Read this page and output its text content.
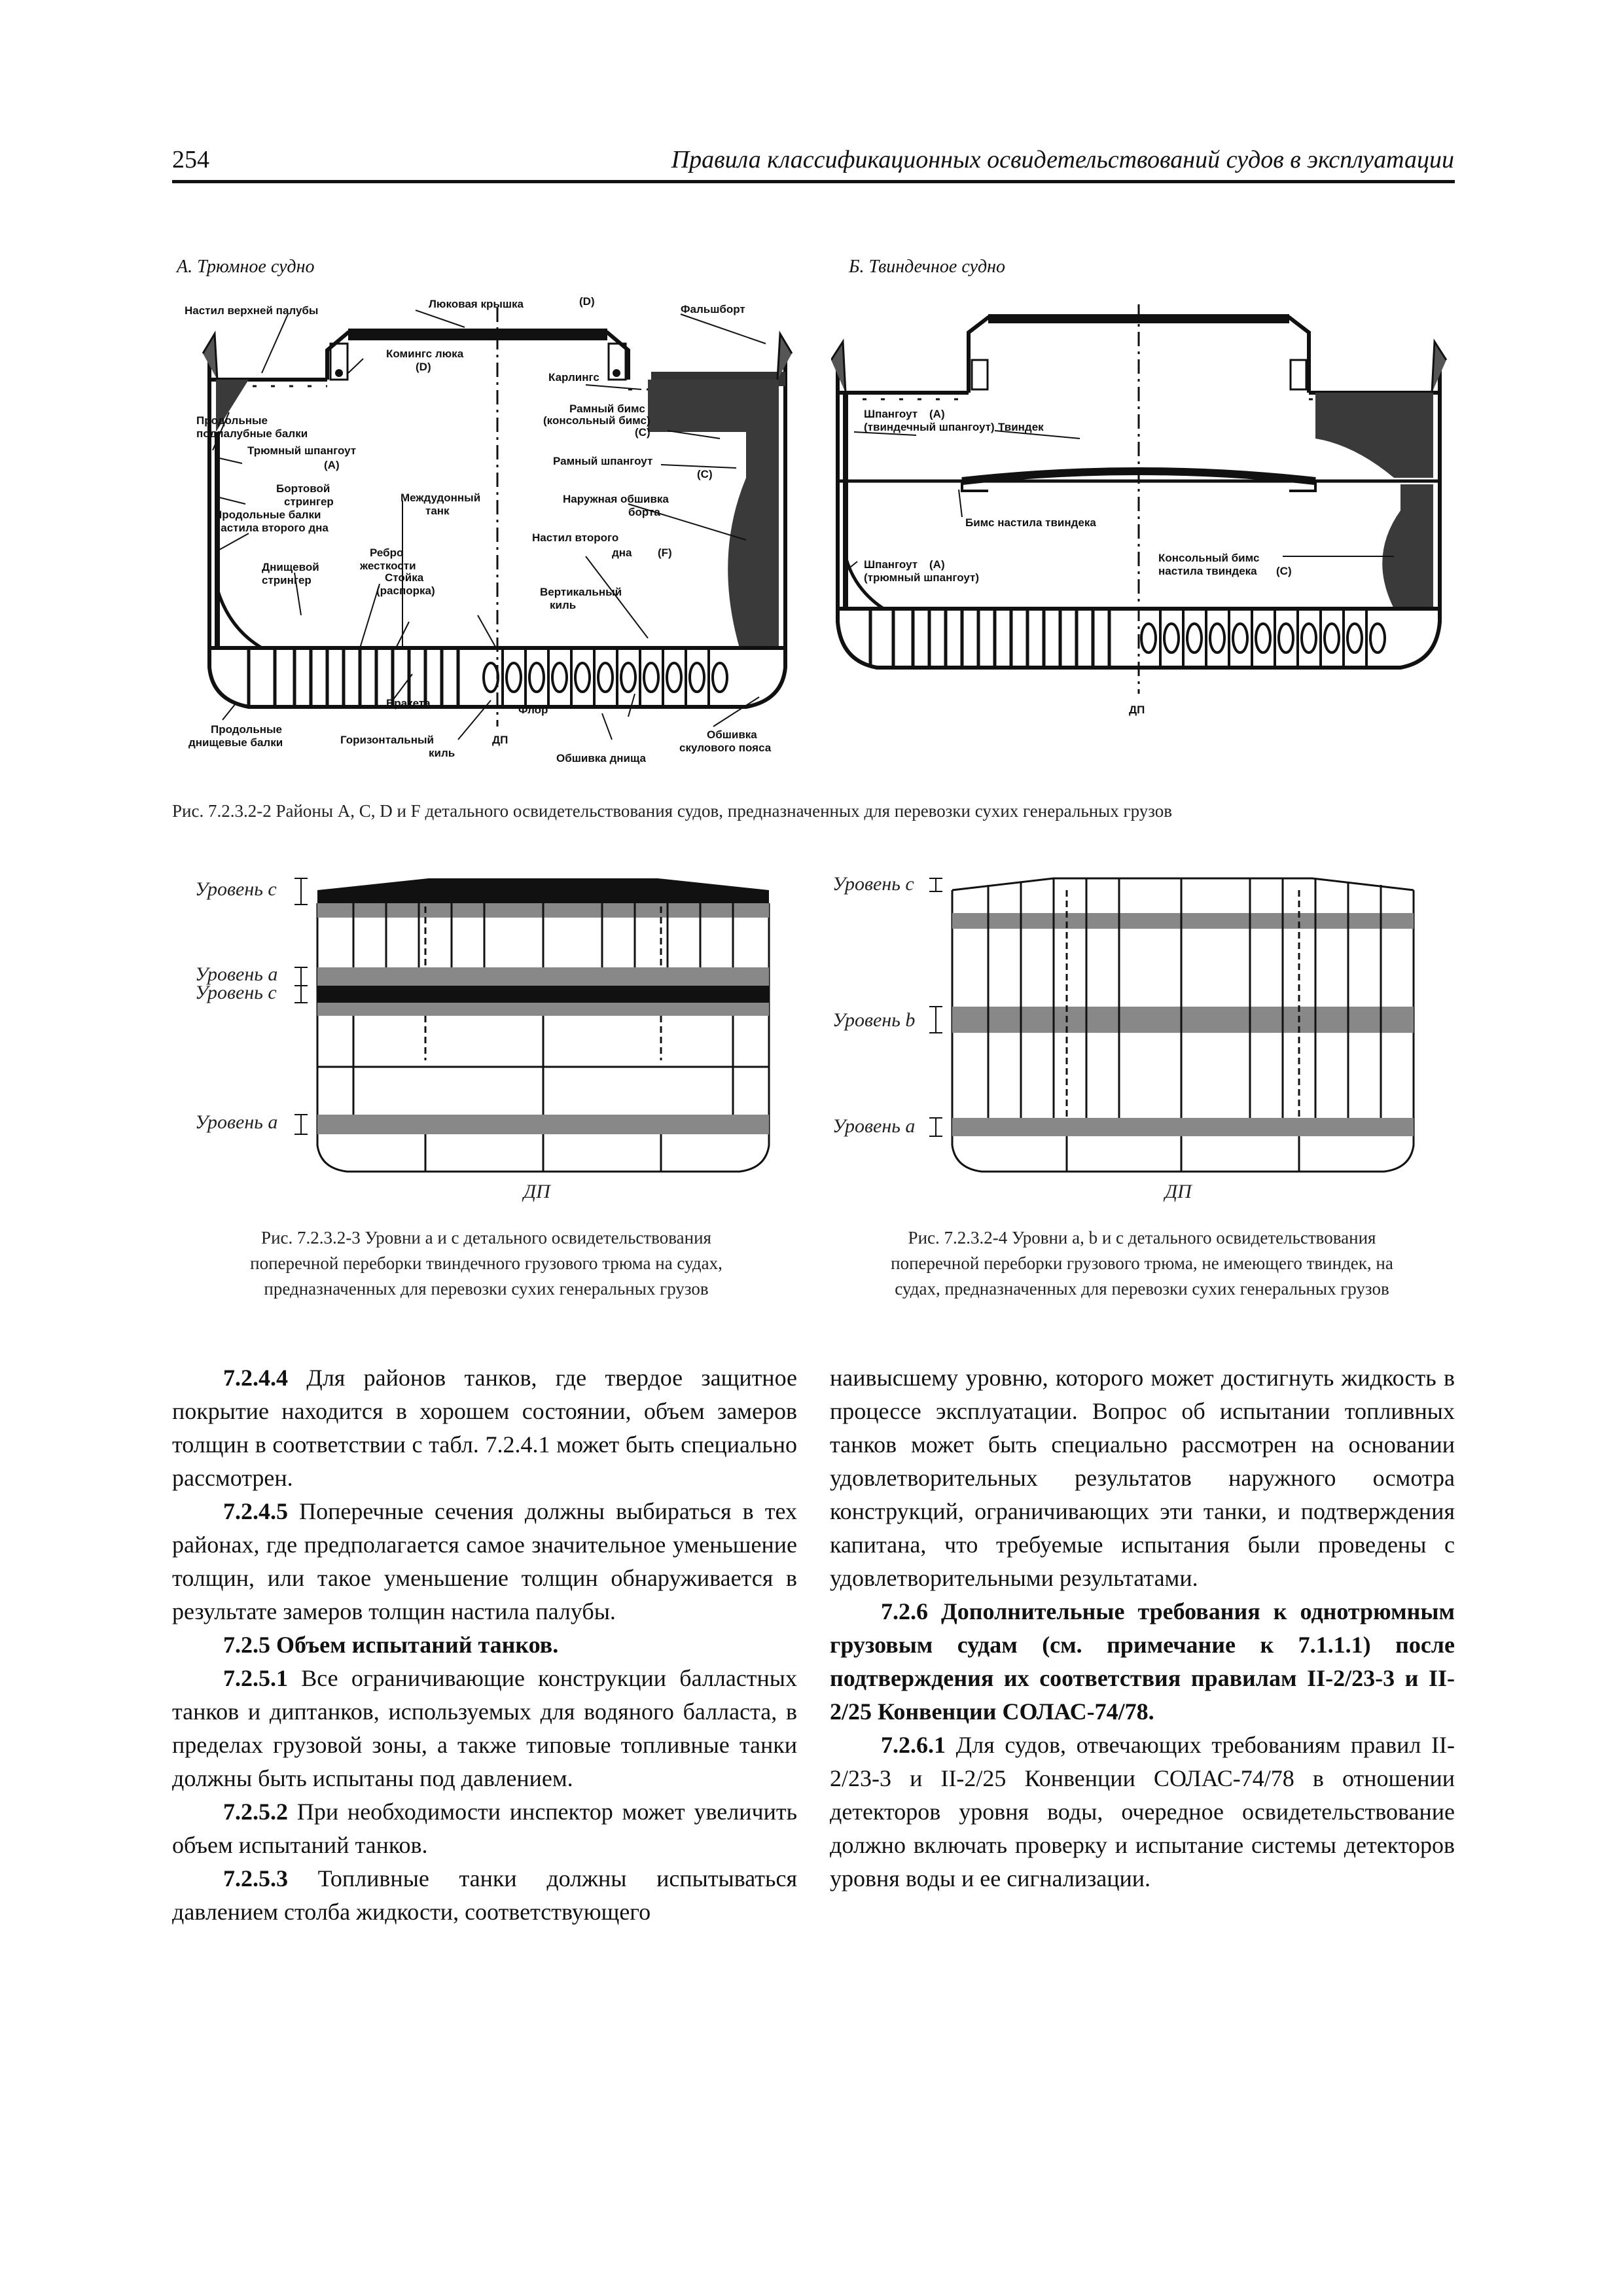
254	Правила классификационных освидетельствований судов в эксплуатации
А. Трюмное судно	Б. Твиндечное судно
Люковая крышка	(D)
Настил верхней палубы	Фальшборт
Комингс люка
(D)
Карлингс
Продольные
подпалубные балки
Трюмный шпангоут
(A)
Рамный бимс
(консольный бимс)
(C)
Рамный шпангоут
(C)
Бортовой
стрингер
Продольные балки
настила второго дна
Междудонный
танк
Наружная обшивка
борта
Ребро
жесткости
Настил второго
дна (F)
Днищевой
стрингер	Стойка
(распорка)	Вертикальный
киль
Продольные
днищевые балки
Бракета
Флор
Горизонтальный
киль
ДП	Обшивка
скулового пояса
Обшивка днища
Шпангоут (A)
(твиндечный шпангоут) Твиндек
Бимс настила твиндека
Шпангоут (A)
(трюмный шпангоут)
Консольный бимс
настила твиндека (C)
ДП
Рис. 7.2.3.2-2 Районы A, C, D и F детального освидетельствования судов, предназначенных для перевозки сухих генеральных грузов
Уровень c
Уровень a
Уровень c
Уровень a
ДП
Рис. 7.2.3.2-3 Уровни a и c детального освидетельствования
поперечной переборки твиндечного грузового трюма на судах,
предназначенных для перевозки сухих генеральных грузов
Уровень c
Уровень b
Уровень a
ДП
Рис. 7.2.3.2-4 Уровни a, b и c детального освидетельствования
поперечной переборки грузового трюма, не имеющего твиндек, на
судах, предназначенных для перевозки сухих генеральных грузов

7.2.4.4 Для районов танков, где твердое защитное покрытие находится в хорошем состоянии, объем замеров толщин в соответствии с табл. 7.2.4.1 может быть специально рассмотрен.

7.2.4.5 Поперечные сечения должны выбираться в тех районах, где предполагается самое значительное уменьшение толщин, или такое уменьшение толщин обнаруживается в результате замеров толщин настила палубы.

7.2.5 Объем испытаний танков.

7.2.5.1 Все ограничивающие конструкции балластных танков и диптанков, используемых для водяного балласта, в пределах грузовой зоны, а также типовые топливные танки должны быть испытаны под давлением.

7.2.5.2 При необходимости инспектор может увеличить объем испытаний танков.

7.2.5.3 Топливные танки должны испытываться давлением столба жидкости, соответствующего

наивысшему уровню, которого может достигнуть жидкость в процессе эксплуатации. Вопрос об испытании топливных танков может быть специально рассмотрен на основании удовлетворительных результатов наружного осмотра конструкций, ограничивающих эти танки, и подтверждения капитана, что требуемые испытания были проведены с удовлетворительными результатами.

7.2.6 Дополнительные требования к однотрюмным грузовым судам (см. примечание к 7.1.1.1) после подтверждения их соответствия правилам II-2/23-3 и II-2/25 Конвенции СОЛАС-74/78.

7.2.6.1 Для судов, отвечающих требованиям правил II-2/23-3 и II-2/25 Конвенции СОЛАС-74/78 в отношении детекторов уровня воды, очередное освидетельствование должно включать проверку и испытание системы детекторов уровня воды и ее сигнализации.
